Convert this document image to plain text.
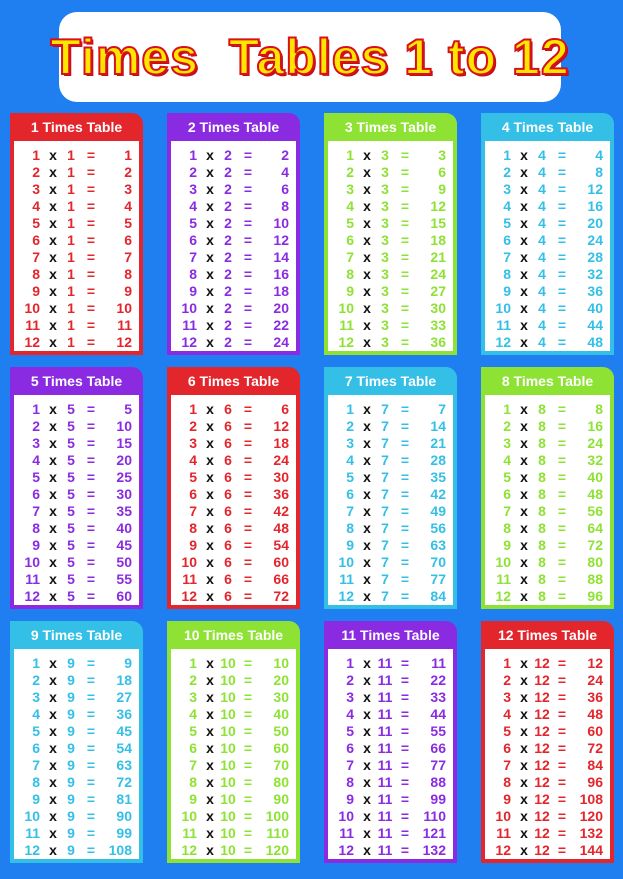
Times  Tables 1 to 12
1 Times Table
1 x 1 =	1
2 x 1 =	2
3 x 1 =	3
4 x 1 =	4
5 x 1 =	5
6 x 1 =	6
7 x 1 =	7
8 x 1 =	8
9 x 1 =	9
10 x 1 =	10
11 x 1 =	11
12 x 1 =	12
2 Times Table
1 x 2 =	2
2 x 2 =	4
3 x 2 =	6
4 x 2 =	8
5 x 2 =	10
6 x 2 =	12
7 x 2 =	14
8 x 2 =	16
9 x 2 =	18
10 x 2 =	20
11 x 2 =	22
12 x 2 =	24
3 Times Table
1 x 3 =	3
2 x 3 =	6
3 x 3 =	9
4 x 3 =	12
5 x 3 =	15
6 x 3 =	18
7 x 3 =	21
8 x 3 =	24
9 x 3 =	27
10 x 3 =	30
11 x 3 =	33
12 x 3 =	36
4 Times Table
1 x 4 =	4
2 x 4 =	8
3 x 4 =	12
4 x 4 =	16
5 x 4 =	20
6 x 4 =	24
7 x 4 =	28
8 x 4 =	32
9 x 4 =	36
10 x 4 =	40
11 x 4 =	44
12 x 4 =	48
5 Times Table
1 x 5 =	5
2 x 5 =	10
3 x 5 =	15
4 x 5 =	20
5 x 5 =	25
6 x 5 =	30
7 x 5 =	35
8 x 5 =	40
9 x 5 =	45
10 x 5 =	50
11 x 5 =	55
12 x 5 =	60
6 Times Table
1 x 6 =	6
2 x 6 =	12
3 x 6 =	18
4 x 6 =	24
5 x 6 =	30
6 x 6 =	36
7 x 6 =	42
8 x 6 =	48
9 x 6 =	54
10 x 6 =	60
11 x 6 =	66
12 x 6 =	72
7 Times Table
1 x 7 =	7
2 x 7 =	14
3 x 7 =	21
4 x 7 =	28
5 x 7 =	35
6 x 7 =	42
7 x 7 =	49
8 x 7 =	56
9 x 7 =	63
10 x 7 =	70
11 x 7 =	77
12 x 7 =	84
8 Times Table
1 x 8 =	8
2 x 8 =	16
3 x 8 =	24
4 x 8 =	32
5 x 8 =	40
6 x 8 =	48
7 x 8 =	56
8 x 8 =	64
9 x 8 =	72
10 x 8 =	80
11 x 8 =	88
12 x 8 =	96
9 Times Table
1 x 9 =	9
2 x 9 =	18
3 x 9 =	27
4 x 9 =	36
5 x 9 =	45
6 x 9 =	54
7 x 9 =	63
8 x 9 =	72
9 x 9 =	81
10 x 9 =	90
11 x 9 =	99
12 x 9 = 108
10 Times Table
1 x 10 =	10
2 x 10 =	20
3 x 10 =	30
4 x 10 =	40
5 x 10 =	50
6 x 10 =	60
7 x 10 =	70
8 x 10 =	80
9 x 10 =	90
10 x 10 = 100
11 x 10 =	110
12 x 10 = 120
11 Times Table
1 x 11 =	11
2 x 11 =	22
3 x 11 =	33
4 x 11 =	44
5 x 11 =	55
6 x 11 =	66
7 x 11 =	77
8 x 11 =	88
9 x 11 =	99
10 x 11 =	110
11 x 11 = 121
12 x 11 = 132
12 Times Table
1 x 12 =	12
2 x 12 =	24
3 x 12 =	36
4 x 12 =	48
5 x 12 =	60
6 x 12 =	72
7 x 12 =	84
8 x 12 =	96
9 x 12 = 108
10 x 12 = 120
11 x 12 = 132
12 x 12 = 144
